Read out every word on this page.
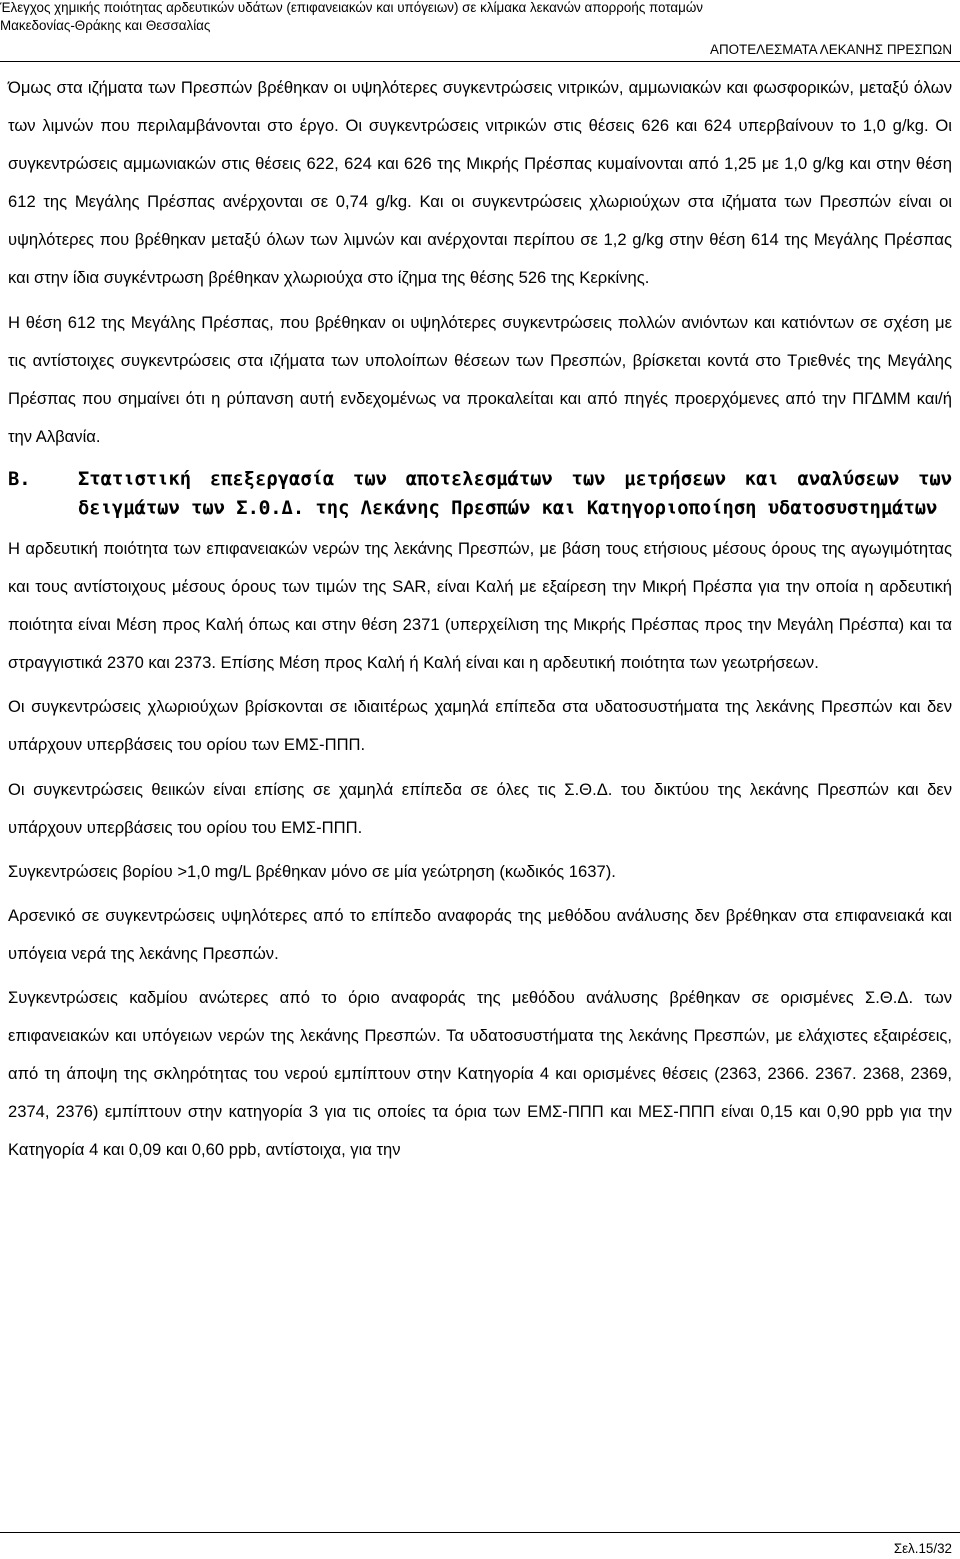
Έλεγχος χημικής ποιότητας αρδευτικών υδάτων (επιφανειακών και υπόγειων) σε κλίμακα λεκανών απορροής ποταμών
Μακεδονίας-Θράκης και Θεσσαλίας
ΑΠΟΤΕΛΕΣΜΑΤΑ ΛΕΚΑΝΗΣ ΠΡΕΣΠΩΝ

Όμως στα ιζήματα των Πρεσπών βρέθηκαν οι υψηλότερες συγκεντρώσεις νιτρικών, αμμωνιακών και φωσφορικών, μεταξύ όλων των λιμνών που περιλαμβάνονται στο έργο. Οι συγκεντρώσεις νιτρικών στις θέσεις 626 και 624 υπερβαίνουν το 1,0 g/kg. Οι συγκεντρώσεις αμμωνιακών στις θέσεις 622, 624 και 626 της Μικρής Πρέσπας κυμαίνονται από 1,25 με 1,0 g/kg και στην θέση 612 της Μεγάλης Πρέσπας ανέρχονται σε 0,74 g/kg. Και οι συγκεντρώσεις χλωριούχων στα ιζήματα των Πρεσπών είναι οι υψηλότερες που βρέθηκαν μεταξύ όλων των λιμνών και ανέρχονται περίπου σε 1,2 g/kg στην θέση 614 της Μεγάλης Πρέσπας και στην ίδια συγκέντρωση βρέθηκαν χλωριούχα στο ίζημα της θέσης 526 της Κερκίνης.

Η θέση 612 της Μεγάλης Πρέσπας, που βρέθηκαν οι υψηλότερες συγκεντρώσεις πολλών ανιόντων και κατιόντων σε σχέση με τις αντίστοιχες συγκεντρώσεις στα ιζήματα των υπολοίπων θέσεων των Πρεσπών, βρίσκεται κοντά στο Τριεθνές της Μεγάλης Πρέσπας που σημαίνει ότι η ρύπανση αυτή ενδεχομένως να προκαλείται και από πηγές προερχόμενες από την ΠΓΔΜΜ και/ή την Αλβανία.

Β.	Στατιστική επεξεργασία των αποτελεσμάτων των μετρήσεων και αναλύσεων των δειγμάτων των Σ.Θ.Δ. της Λεκάνης Πρεσπών και Κατηγοριοποίηση υδατοσυστημάτων

Η αρδευτική ποιότητα των επιφανειακών νερών της λεκάνης Πρεσπών, με βάση τους ετήσιους μέσους όρους της αγωγιμότητας και τους αντίστοιχους μέσους όρους των τιμών της SAR, είναι Καλή με εξαίρεση την Μικρή Πρέσπα για την οποία η αρδευτική ποιότητα είναι Μέση προς Καλή όπως και στην θέση 2371 (υπερχείλιση της Μικρής Πρέσπας προς την Μεγάλη Πρέσπα) και τα στραγγιστικά 2370 και 2373. Επίσης Μέση προς Καλή ή Καλή είναι και η αρδευτική ποιότητα των γεωτρήσεων.

Οι συγκεντρώσεις χλωριούχων βρίσκονται σε ιδιαιτέρως χαμηλά επίπεδα στα υδατοσυστήματα της λεκάνης Πρεσπών και δεν υπάρχουν υπερβάσεις του ορίου των ΕΜΣ-ΠΠΠ.

Οι συγκεντρώσεις θειικών είναι επίσης σε χαμηλά επίπεδα σε όλες τις Σ.Θ.Δ. του δικτύου της λεκάνης Πρεσπών και δεν υπάρχουν υπερβάσεις του ορίου του ΕΜΣ-ΠΠΠ.

Συγκεντρώσεις βορίου >1,0 mg/L βρέθηκαν μόνο σε μία γεώτρηση (κωδικός 1637).

Αρσενικό σε συγκεντρώσεις υψηλότερες από το επίπεδο αναφοράς της μεθόδου ανάλυσης δεν βρέθηκαν στα επιφανειακά και υπόγεια νερά της λεκάνης Πρεσπών.

Συγκεντρώσεις καδμίου ανώτερες από το όριο αναφοράς της μεθόδου ανάλυσης βρέθηκαν σε ορισμένες Σ.Θ.Δ. των επιφανειακών και υπόγειων νερών της λεκάνης Πρεσπών. Τα υδατοσυστήματα της λεκάνης Πρεσπών, με ελάχιστες εξαιρέσεις, από τη άποψη της σκληρότητας του νερού εμπίπτουν στην Κατηγορία 4 και ορισμένες θέσεις (2363, 2366. 2367. 2368, 2369, 2374, 2376) εμπίπτουν στην κατηγορία 3 για τις οποίες τα όρια των ΕΜΣ-ΠΠΠ και ΜΕΣ-ΠΠΠ είναι 0,15 και 0,90 ppb για την Κατηγορία 4 και 0,09 και 0,60 ppb, αντίστοιχα, για την

Σελ.15/32
